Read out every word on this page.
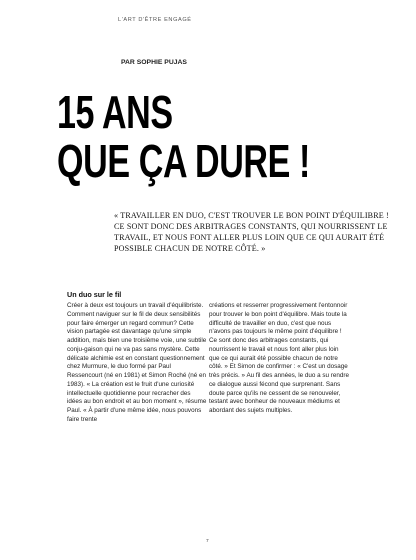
L'ART D'ÊTRE ENGAGÉ
PAR SOPHIE PUJAS
15 ANS
QUE ÇA DURE !
« TRAVAILLER EN DUO, C'EST TROUVER LE BON POINT D'ÉQUILIBRE ! CE SONT DONC DES ARBITRAGES CONSTANTS, QUI NOURRISSENT LE TRAVAIL, ET NOUS FONT ALLER PLUS LOIN QUE CE QUI AURAIT ÉTÉ POSSIBLE CHACUN DE NOTRE CÔTÉ. »
Un duo sur le fil
Créer à deux est toujours un travail d'équilibriste. Comment naviguer sur le fil de deux sensibilités pour faire émerger un regard commun? Cette vision partagée est davantage qu'une simple addition, mais bien une troisième voie, une subtile conju-gaison qui ne va pas sans mystère. Cette délicate alchimie est en constant questionnement chez Murmure, le duo formé par Paul Ressencourt (né en 1981) et Simon Roché (né en 1983). « La création est le fruit d'une curiosité intellectuelle quotidienne pour recracher des idées au bon endroit et au bon moment », résume Paul. « À partir d'une même idée, nous pouvons faire trente
créations et resserrer progressivement l'entonnoir pour trouver le bon point d'équilibre. Mais toute la difficulté de travailler en duo, c'est que nous n'avons pas toujours le même point d'équilibre ! Ce sont donc des arbitrages constants, qui nourrissent le travail et nous font aller plus loin que ce qui aurait été possible chacun de notre côté. » Et Simon de confirmer : « C'est un dosage très précis. » Au fil des années, le duo a su rendre ce dialogue aussi fécond que surprenant. Sans doute parce qu'ils ne cessent de se renouveler, testant avec bonheur de nouveaux médiums et abordant des sujets multiples.
7
